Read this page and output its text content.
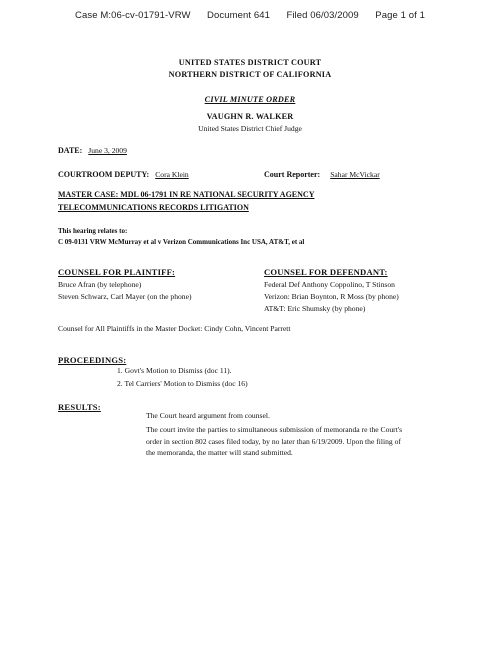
Case M:06-cv-01791-VRW Document 641 Filed 06/03/2009 Page 1 of 1
UNITED STATES DISTRICT COURT
NORTHERN DISTRICT OF CALIFORNIA
CIVIL MINUTE ORDER
VAUGHN R. WALKER
United States District Chief Judge
DATE: June 3, 2009
COURTROOM DEPUTY: Cora Klein	Court Reporter: Sahar McVickar
MASTER CASE: MDL 06-1791 IN RE NATIONAL SECURITY AGENCY
TELECOMMUNICATIONS RECORDS LITIGATION
This hearing relates to:
C 09-0131 VRW McMurray et al v Verizon Communications Inc USA, AT&T, et al
COUNSEL FOR PLAINTIFF:
Bruce Afran (by telephone)
Steven Schwarz, Carl Mayer (on the phone)
COUNSEL FOR DEFENDANT:
Federal Def Anthony Coppolino, T Stinson
Verizon: Brian Boynton, R Moss (by phone)
AT&T: Eric Shumsky (by phone)
Counsel for All Plaintiffs in the Master Docket: Cindy Cohn, Vincent Parrett
PROCEEDINGS:
1. Govt's Motion to Dismiss (doc 11).
2. Tel Carriers' Motion to Dismiss (doc 16)
RESULTS:
The Court heard argument from counsel.
The court invite the parties to simultaneous submission of memoranda re the Court's
order in section 802 cases filed today, by no later than 6/19/2009. Upon the filing of
the memoranda, the matter will stand submitted.
